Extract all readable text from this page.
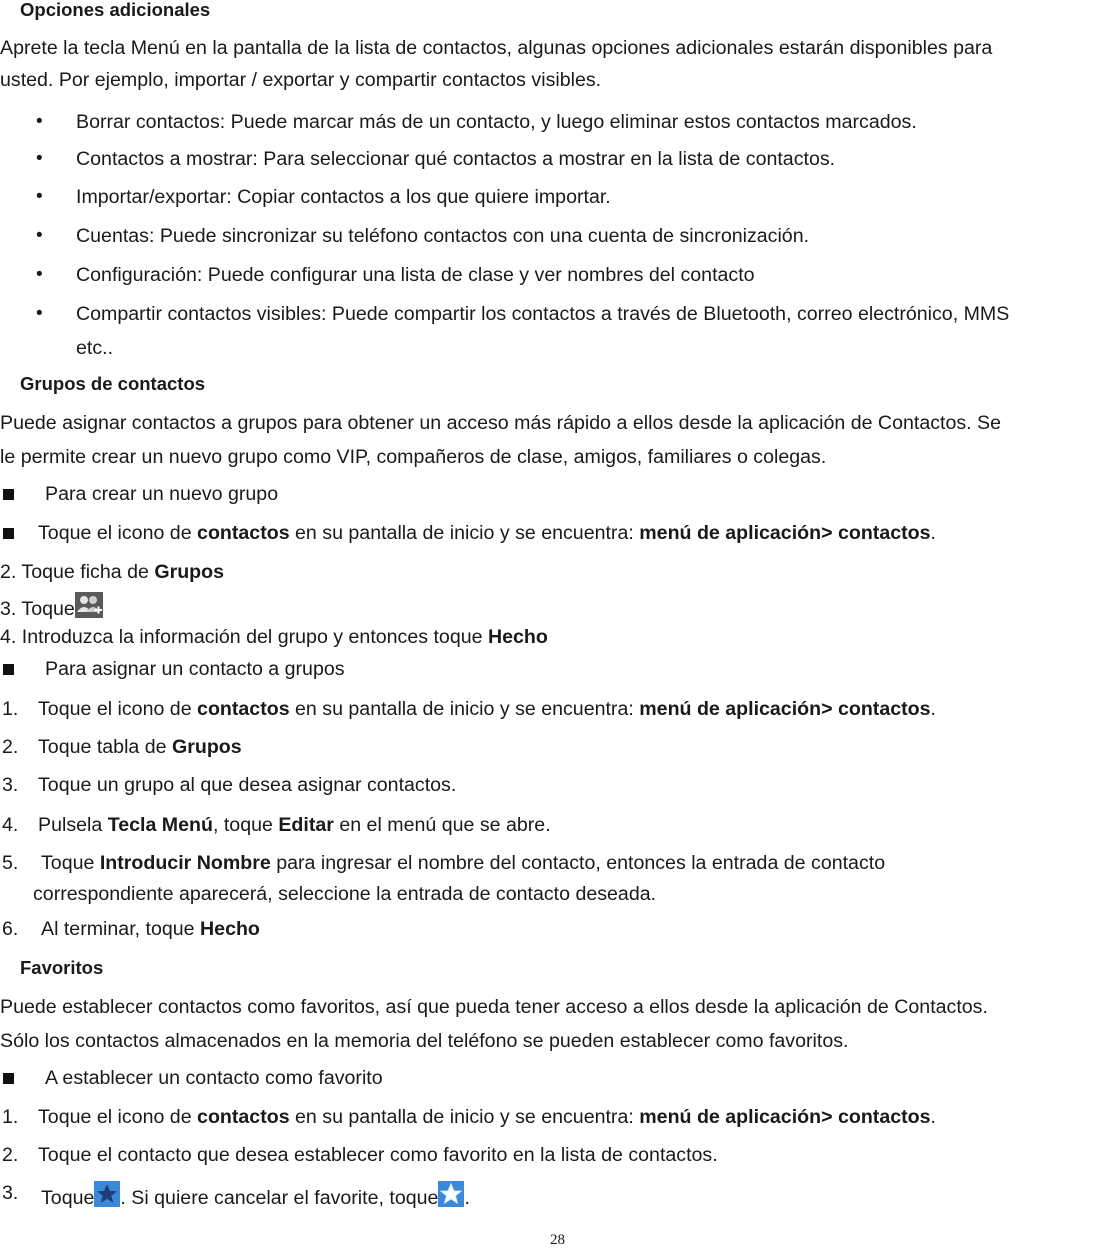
Opciones adicionales
Aprete la tecla Menú en la pantalla de la lista de contactos, algunas opciones adicionales estarán disponibles para
usted. Por ejemplo, importar / exportar y compartir contactos visibles.
• Borrar contactos: Puede marcar más de un contacto, y luego eliminar estos contactos marcados.
• Contactos a mostrar: Para seleccionar qué contactos a mostrar en la lista de contactos.
• Importar/exportar: Copiar contactos a los que quiere importar.
• Cuentas: Puede sincronizar su teléfono contactos con una cuenta de sincronización.
• Configuración: Puede configurar una lista de clase y ver nombres del contacto
• Compartir contactos visibles: Puede compartir los contactos a través de Bluetooth, correo electrónico, MMS
etc..
Grupos de contactos
Puede asignar contactos a grupos para obtener un acceso más rápido a ellos desde la aplicación de Contactos. Se
le permite crear un nuevo grupo como VIP, compañeros de clase, amigos, familiares o colegas.
Para crear un nuevo grupo
Toque el icono de contactos en su pantalla de inicio y se encuentra: menú de aplicación> contactos.
2. Toque ficha de Grupos
3. Toque
4. Introduzca la información del grupo y entonces toque Hecho
Para asignar un contacto a grupos
1. Toque el icono de contactos en su pantalla de inicio y se encuentra: menú de aplicación> contactos.
2. Toque tabla de Grupos
3. Toque un grupo al que desea asignar contactos.
4. Pulsela Tecla Menú, toque Editar en el menú que se abre.
5. Toque Introducir Nombre para ingresar el nombre del contacto, entonces la entrada de contacto
correspondiente aparecerá, seleccione la entrada de contacto deseada.
6. Al terminar, toque Hecho
Favoritos
Puede establecer contactos como favoritos, así que pueda tener acceso a ellos desde la aplicación de Contactos.
Sólo los contactos almacenados en la memoria del teléfono se pueden establecer como favoritos.
A establecer un contacto como favorito
1. Toque el icono de contactos en su pantalla de inicio y se encuentra: menú de aplicación> contactos.
2. Toque el contacto que desea establecer como favorito en la lista de contactos.
3. Toque . Si quiere cancelar el favorite, toque .
28
